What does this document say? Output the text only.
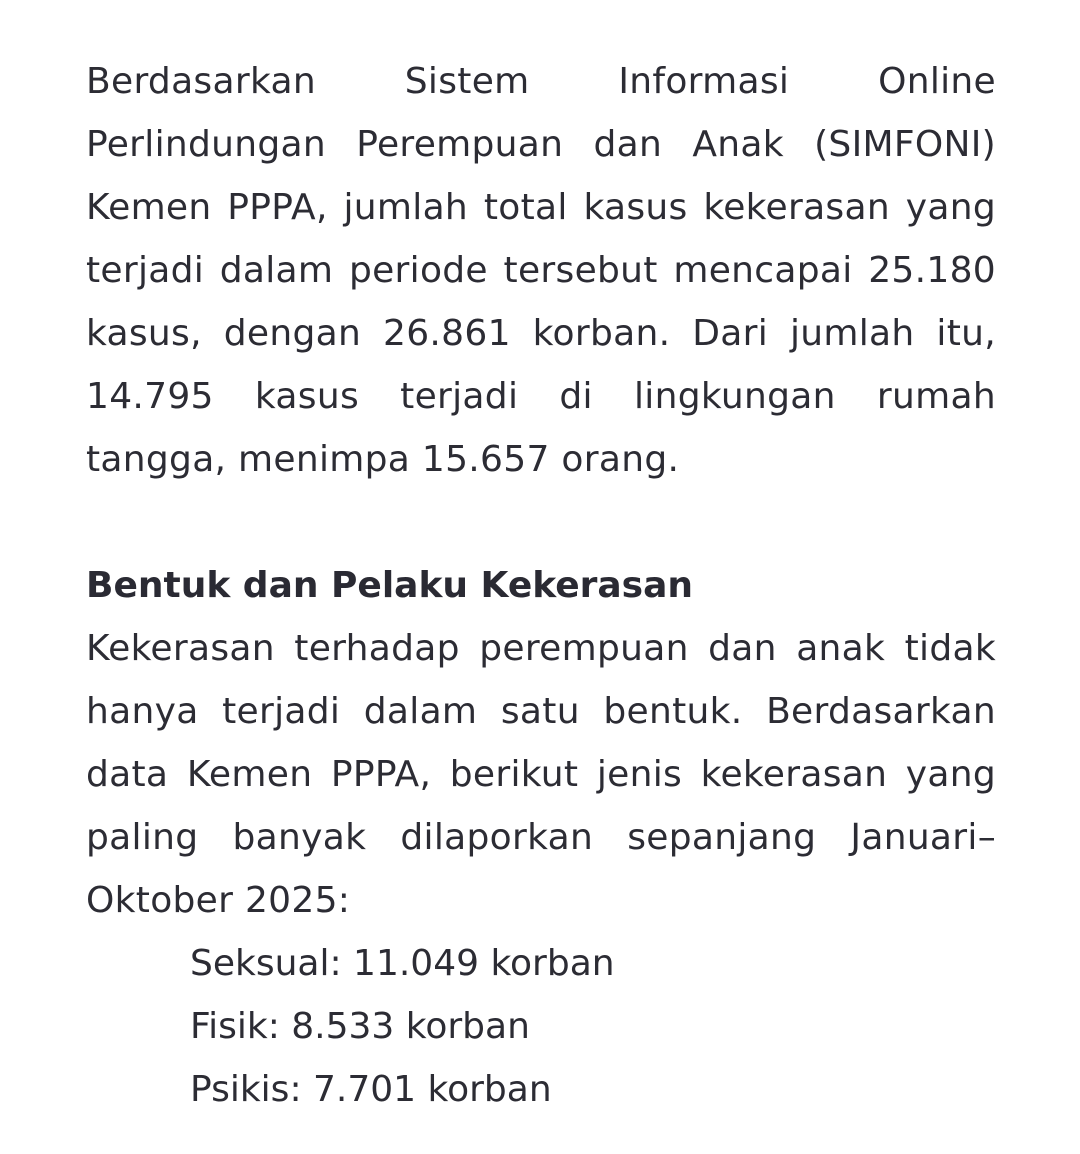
Berdasarkan Sistem Informasi Online Perlindungan Perempuan dan Anak (SIMFONI) Kemen PPPA, jumlah total kasus kekerasan yang terjadi dalam periode tersebut mencapai 25.180 kasus, dengan 26.861 korban. Dari jumlah itu, 14.795 kasus terjadi di lingkungan rumah tangga, menimpa 15.657 orang.

Bentuk dan Pelaku Kekerasan

Kekerasan terhadap perempuan dan anak tidak hanya terjadi dalam satu bentuk. Berdasarkan data Kemen PPPA, berikut jenis kekerasan yang paling banyak dilaporkan sepanjang Januari–Oktober 2025:

Seksual: 11.049 korban
Fisik: 8.533 korban
Psikis: 7.701 korban
